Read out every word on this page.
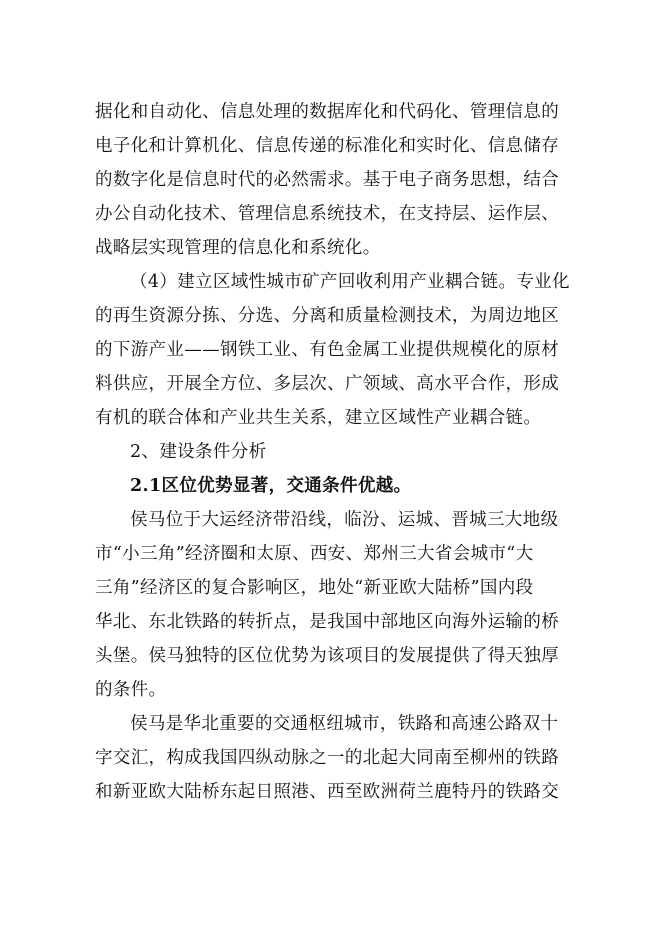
据化和自动化、信息处理的数据库化和代码化、管理信息的
电子化和计算机化、信息传递的标准化和实时化、信息储存
的数字化是信息时代的必然需求。基于电子商务思想，结合
办公自动化技术、管理信息系统技术，在支持层、运作层、
战略层实现管理的信息化和系统化。
（4）建立区域性城市矿产回收利用产业耦合链。专业化
的再生资源分拣、分选、分离和质量检测技术，为周边地区
的下游产业——钢铁工业、有色金属工业提供规模化的原材
料供应，开展全方位、多层次、广领域、高水平合作，形成
有机的联合体和产业共生关系，建立区域性产业耦合链。
2、建设条件分析
2.1区位优势显著，交通条件优越。
侯马位于大运经济带沿线，临汾、运城、晋城三大地级
市“小三角”经济圈和太原、西安、郑州三大省会城市“大
三角”经济区的复合影响区，地处“新亚欧大陆桥”国内段
华北、东北铁路的转折点，是我国中部地区向海外运输的桥
头堡。侯马独特的区位优势为该项目的发展提供了得天独厚
的条件。
侯马是华北重要的交通枢纽城市，铁路和高速公路双十
字交汇，构成我国四纵动脉之一的北起大同南至柳州的铁路
和新亚欧大陆桥东起日照港、西至欧洲荷兰鹿特丹的铁路交
